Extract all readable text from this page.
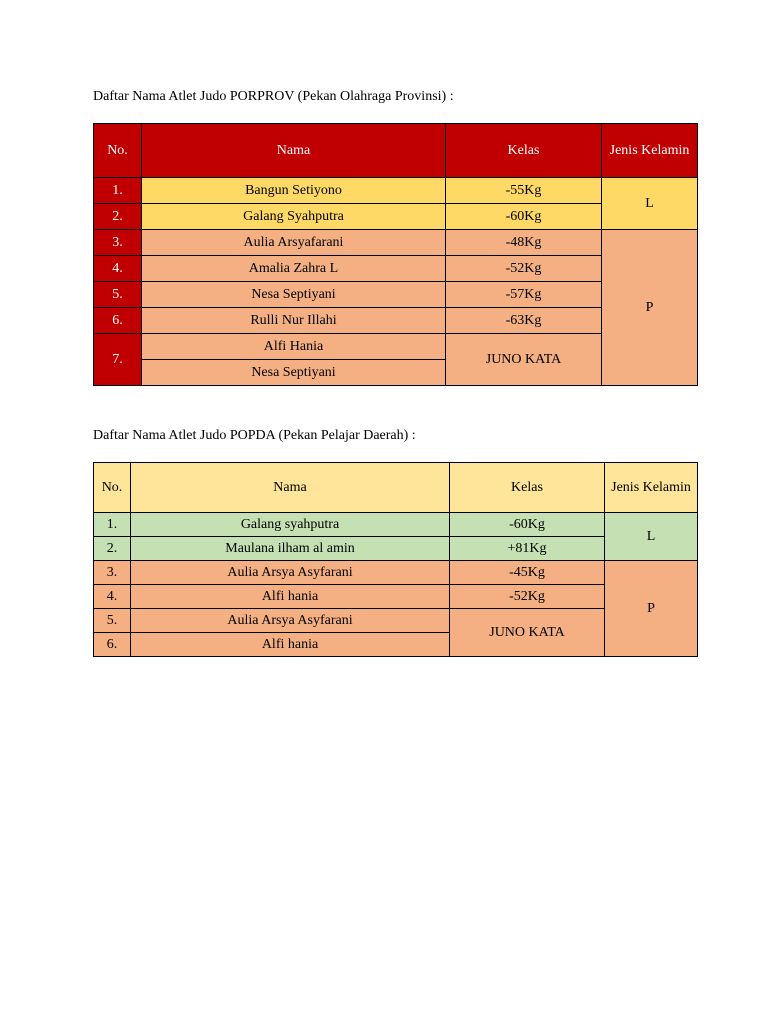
Daftar Nama Atlet Judo PORPROV (Pekan Olahraga Provinsi) :
No.	Nama	Kelas	Jenis Kelamin
1.	Bangun Setiyono	-55Kg	L
2.	Galang Syahputra	-60Kg	
3.	Aulia Arsyafarani	-48Kg	P
4.	Amalia Zahra L	-52Kg	
5.	Nesa Septiyani	-57Kg	
6.	Rulli Nur Illahi	-63Kg	
7.	Alfi Hania	JUNO KATA	
	Nesa Septiyani		
Daftar Nama Atlet Judo POPDA (Pekan Pelajar Daerah) :
No.	Nama	Kelas	Jenis Kelamin
1.	Galang syahputra	-60Kg	L
2.	Maulana ilham al amin	+81Kg	
3.	Aulia Arsya Asyfarani	-45Kg	P
4.	Alfi hania	-52Kg	
5.	Aulia Arsya Asyfarani	JUNO KATA	
6.	Alfi hania		
